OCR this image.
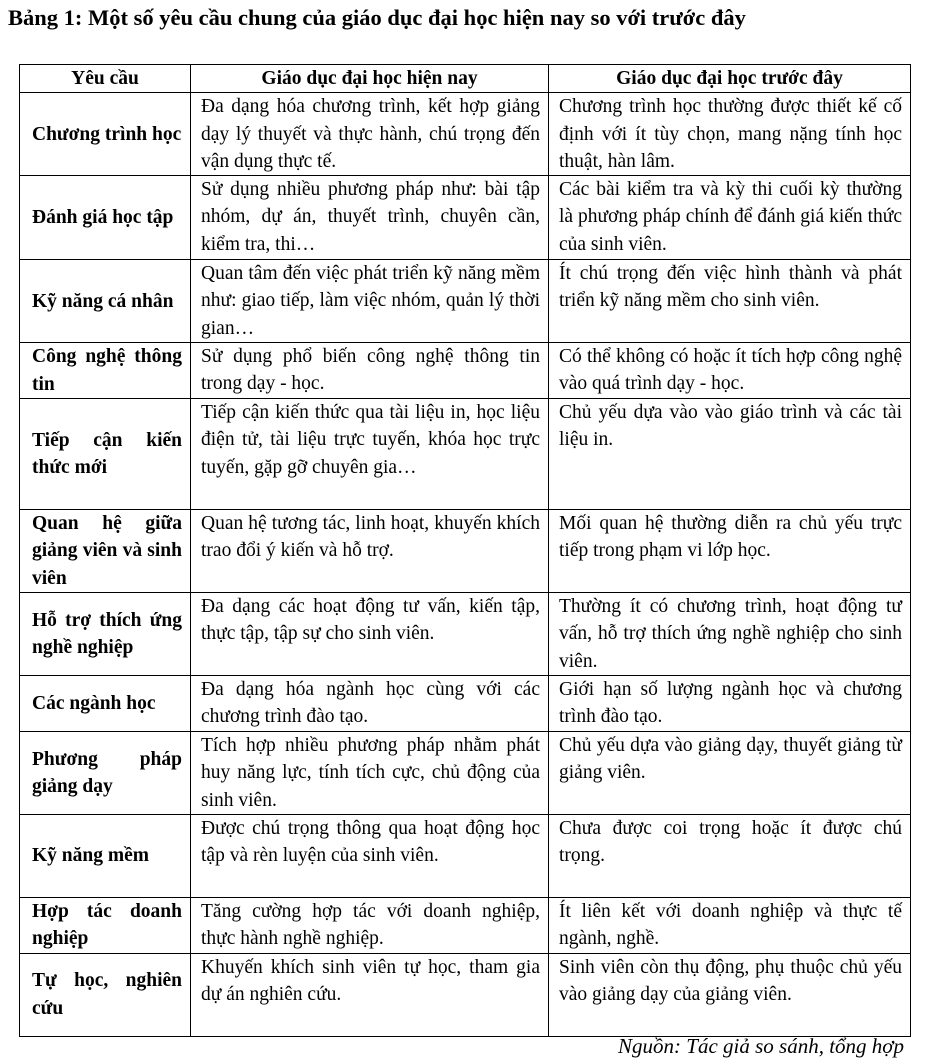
Bảng 1: Một số yêu cầu chung của giáo dục đại học hiện nay so với trước đây
Yêu cầu	Giáo dục đại học hiện nay	Giáo dục đại học trước đây
Chương trình học	Đa dạng hóa chương trình, kết hợp giảng dạy lý thuyết và thực hành, chú trọng đến vận dụng thực tế.	Chương trình học thường được thiết kế cố định với ít tùy chọn, mang nặng tính học thuật, hàn lâm.
Đánh giá học tập	Sử dụng nhiều phương pháp như: bài tập nhóm, dự án, thuyết trình, chuyên cần, kiểm tra, thi…	Các bài kiểm tra và kỳ thi cuối kỳ thường là phương pháp chính để đánh giá kiến thức của sinh viên.
Kỹ năng cá nhân	Quan tâm đến việc phát triển kỹ năng mềm như: giao tiếp, làm việc nhóm, quản lý thời gian…	Ít chú trọng đến việc hình thành và phát triển kỹ năng mềm cho sinh viên.
Công nghệ thông tin	Sử dụng phổ biến công nghệ thông tin trong dạy - học.	Có thể không có hoặc ít tích hợp công nghệ vào quá trình dạy - học.
Tiếp cận kiến thức mới	Tiếp cận kiến thức qua tài liệu in, học liệu điện tử, tài liệu trực tuyến, khóa học trực tuyến, gặp gỡ chuyên gia…	Chủ yếu dựa vào vào giáo trình và các tài liệu in.
Quan hệ giữa giảng viên và sinh viên	Quan hệ tương tác, linh hoạt, khuyến khích trao đổi ý kiến và hỗ trợ.	Mối quan hệ thường diễn ra chủ yếu trực tiếp trong phạm vi lớp học.
Hỗ trợ thích ứng nghề nghiệp	Đa dạng các hoạt động tư vấn, kiến tập, thực tập, tập sự cho sinh viên.	Thường ít có chương trình, hoạt động tư vấn, hỗ trợ thích ứng nghề nghiệp cho sinh viên.
Các ngành học	Đa dạng hóa ngành học cùng với các chương trình đào tạo.	Giới hạn số lượng ngành học và chương trình đào tạo.
Phương pháp giảng dạy	Tích hợp nhiều phương pháp nhằm phát huy năng lực, tính tích cực, chủ động của sinh viên.	Chủ yếu dựa vào giảng dạy, thuyết giảng từ giảng viên.
Kỹ năng mềm	Được chú trọng thông qua hoạt động học tập và rèn luyện của sinh viên.	Chưa được coi trọng hoặc ít được chú trọng.
Hợp tác doanh nghiệp	Tăng cường hợp tác với doanh nghiệp, thực hành nghề nghiệp.	Ít liên kết với doanh nghiệp và thực tế ngành, nghề.
Tự học, nghiên cứu	Khuyến khích sinh viên tự học, tham gia dự án nghiên cứu.	Sinh viên còn thụ động, phụ thuộc chủ yếu vào giảng dạy của giảng viên.
Nguồn: Tác giả so sánh, tổng hợp
